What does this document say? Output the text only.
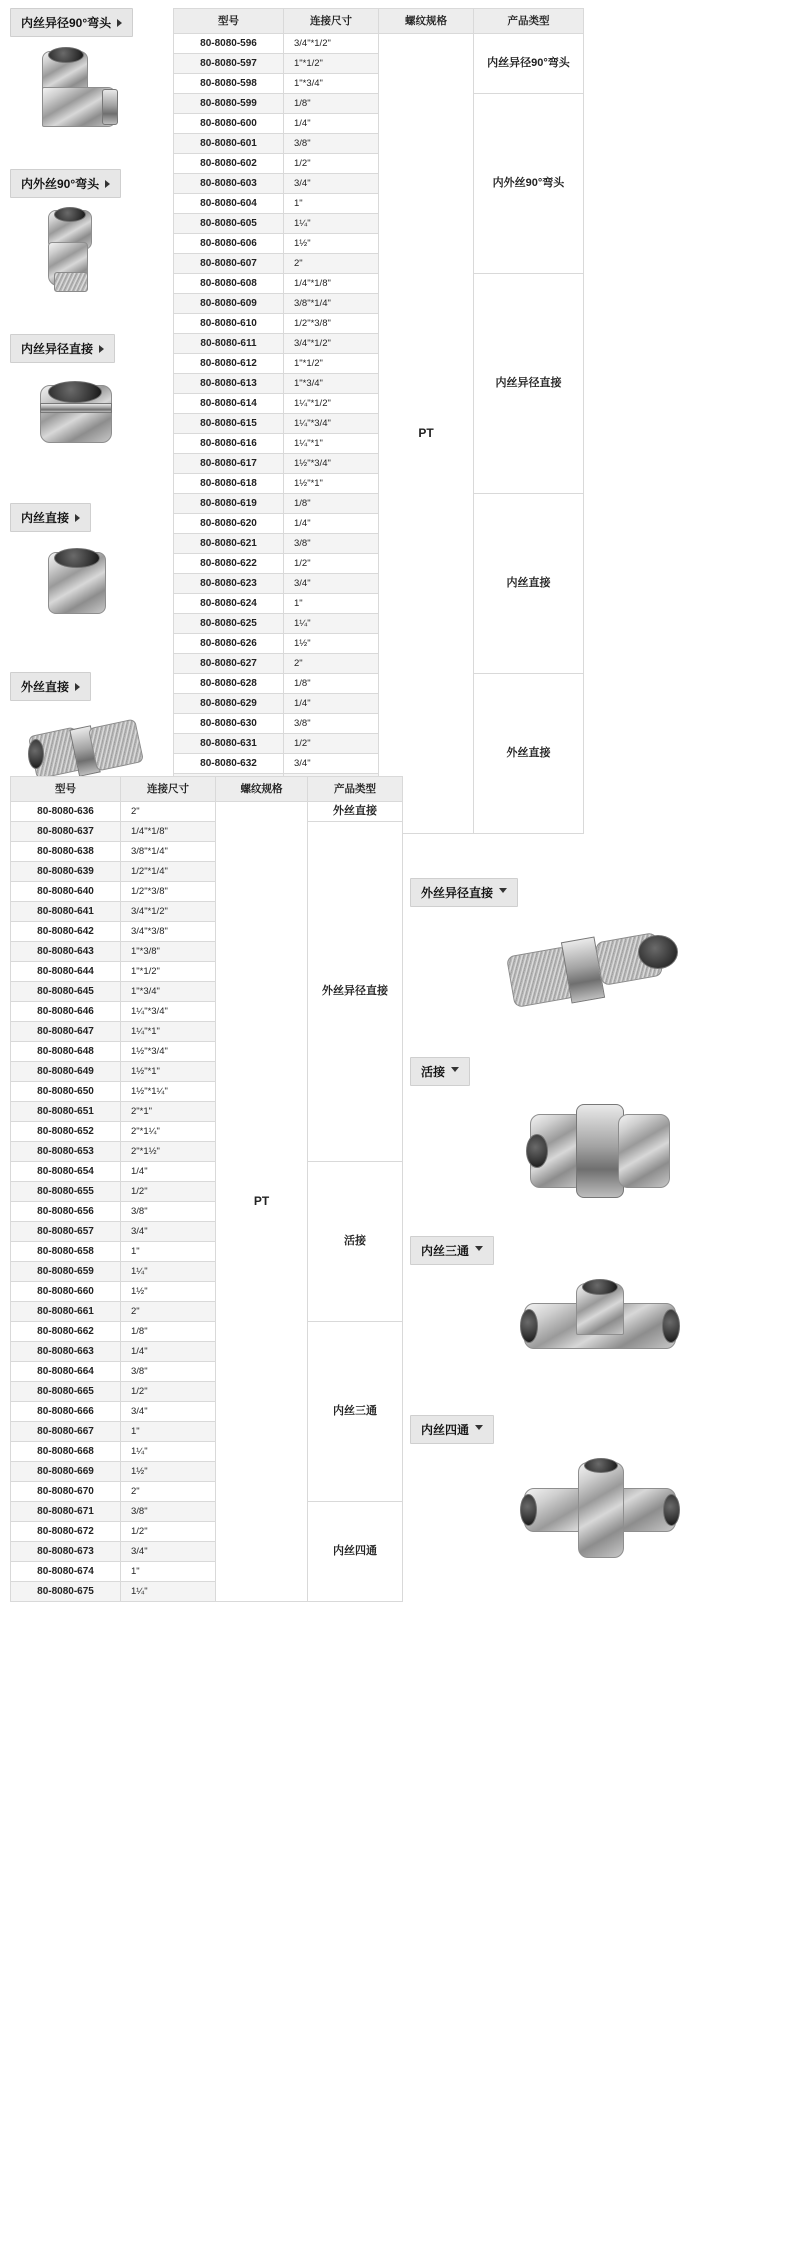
内丝异径90°弯头
内外丝90°弯头
内丝异径直接
内丝直接
外丝直接
型号	连接尺寸	螺纹规格	产品类型
80-8080-596	3/4"*1/2"	PT	内丝异径90°弯头
80-8080-597	1"*1/2"		
80-8080-598	1"*3/4"		
80-8080-599	1/8"		内外丝90°弯头
80-8080-600	1/4"		
80-8080-601	3/8"		
80-8080-602	1/2"		
80-8080-603	3/4"		
80-8080-604	1"		
80-8080-605	1¼"		
80-8080-606	1½"		
80-8080-607	2"		
80-8080-608	1/4"*1/8"		内丝异径直接
80-8080-609	3/8"*1/4"		
80-8080-610	1/2"*3/8"		
80-8080-611	3/4"*1/2"		
80-8080-612	1"*1/2"		
80-8080-613	1"*3/4"		
80-8080-614	1¼"*1/2"		
80-8080-615	1¼"*3/4"		
80-8080-616	1¼"*1"		
80-8080-617	1½"*3/4"		
80-8080-618	1½"*1"		
80-8080-619	1/8"		内丝直接
80-8080-620	1/4"		
80-8080-621	3/8"		
80-8080-622	1/2"		
80-8080-623	3/4"		
80-8080-624	1"		
80-8080-625	1¼"		
80-8080-626	1½"		
80-8080-627	2"		
80-8080-628	1/8"		外丝直接
80-8080-629	1/4"		
80-8080-630	3/8"		
80-8080-631	1/2"		
80-8080-632	3/4"		

型号	连接尺寸	螺纹规格	产品类型
80-8080-636	2"	PT	外丝直接
80-8080-637	1/4"*1/8"		外丝异径直接
80-8080-638	3/8"*1/4"		
80-8080-639	1/2"*1/4"		
80-8080-640	1/2"*3/8"		
80-8080-641	3/4"*1/2"		
80-8080-642	3/4"*3/8"		
80-8080-643	1"*3/8"		
80-8080-644	1"*1/2"		
80-8080-645	1"*3/4"		
80-8080-646	1¼"*3/4"		
80-8080-647	1¼"*1"		
80-8080-648	1½"*3/4"		
80-8080-649	1½"*1"		
80-8080-650	1½"*1¼"		
80-8080-651	2"*1"		
80-8080-652	2"*1¼"		
80-8080-653	2"*1½"		
80-8080-654	1/4"		活接
80-8080-655	1/2"		
80-8080-656	3/8"		
80-8080-657	3/4"		
80-8080-658	1"		
80-8080-659	1¼"		
80-8080-660	1½"		
80-8080-661	2"		
80-8080-662	1/8"		内丝三通
80-8080-663	1/4"		
80-8080-664	3/8"		
80-8080-665	1/2"		
80-8080-666	3/4"		
80-8080-667	1"		
80-8080-668	1¼"		
80-8080-669	1½"		
80-8080-670	2"		
80-8080-671	3/8"		内丝四通
80-8080-672	1/2"		
80-8080-673	3/4"		
80-8080-674	1"		
80-8080-675	1¼"		
外丝异径直接
活接
内丝三通
内丝四通
